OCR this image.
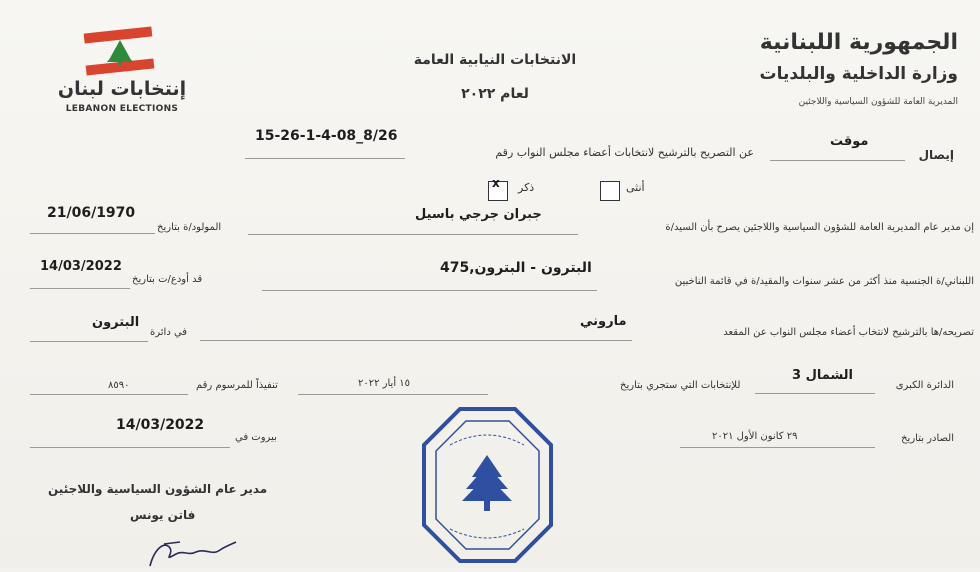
الجمهورية اللبنانية
وزارة الداخلية والبلديات
المديرية العامة للشؤون السياسية واللاجئين
الانتخابات النيابية العامة
لعام ٢٠٢٢
إنتخابات لبنان
LEBANON ELECTIONS
إيصال
موقت
عن التصريح بالترشيح لانتخابات أعضاء مجلس النواب رقم
15-26-1-4-08_8/26
أنثى
x ذكر
إن مدير عام المديرية العامة للشؤون السياسية واللاجئين يصرح بأن السيد/ة
جبران جرجي باسيل
المولود/ة بتاريخ
21/06/1970
اللبناني/ة الجنسية منذ أكثر من عشر سنوات والمقيد/ة في قائمة الناخبين
البترون - البترون,475
قد أودع/ت بتاريخ
14/03/2022
تصريحه/ها بالترشيح لانتخاب أعضاء مجلس النواب عن المقعد
ماروني
في دائرة
البترون
الدائرة الكبرى
الشمال 3
للإنتخابات التي ستجري بتاريخ
١٥ أيار ٢٠٢٢
تنفيذاً للمرسوم رقم
٨٥٩٠
الصادر بتاريخ
٢٩ كانون الأول ٢٠٢١
بيروت في
14/03/2022
مدير عام الشؤون السياسية واللاجئين
فاتن يونس
